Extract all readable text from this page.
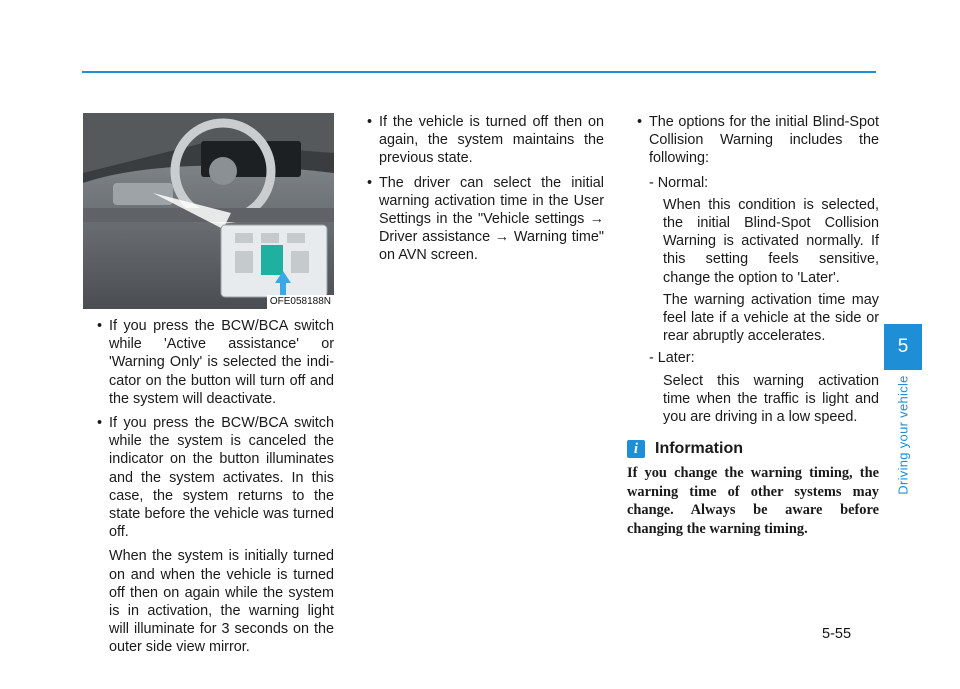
OFE058188N

• If you press the BCW/BCA switch while 'Active assistance' or 'Warning Only' is selected the indi-cator on the button will turn off and the system will deactivate.

• If you press the BCW/BCA switch while the system is canceled the indicator on the button illuminates and the system activates. In this case, the system returns to the state before the vehicle was turned off.

When the system is initially turned on and when the vehicle is turned off then on again while the system is in activation, the warning light will illuminate for 3 seconds on the outer side view mirror.

• If the vehicle is turned off then on again, the system maintains the previous state.

• The driver can select the initial warning activation time in the User Settings in the "Vehicle settings → Driver assistance → Warning time" on AVN screen.

• The options for the initial Blind-Spot Collision Warning includes the following:

- Normal:

When this condition is selected, the initial Blind-Spot Collision Warning is activated normally. If this setting feels sensitive, change the option to 'Later'.

The warning activation time may feel late if a vehicle at the side or rear abruptly accelerates.

- Later:

Select this warning activation time when the traffic is light and you are driving in a low speed.

i	Information

If you change the warning timing, the warning time of other systems may change. Always be aware before changing the warning timing.

5
Driving your vehicle
5-55
